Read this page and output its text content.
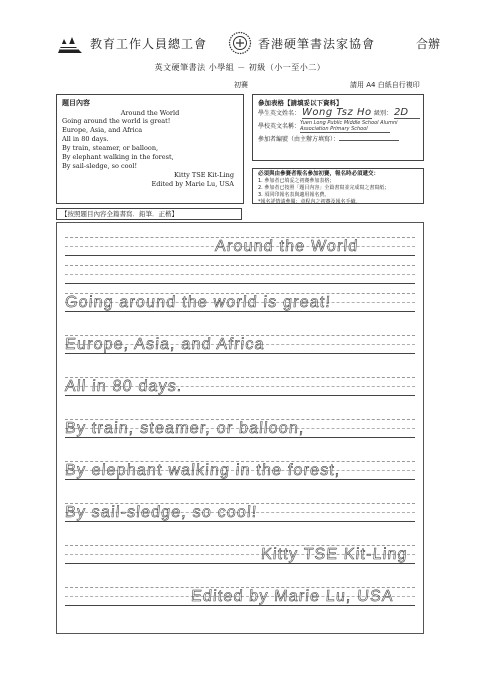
教育工作人員總工會	香港硬筆書法家協會	合辦
英文硬筆書法 小學組 － 初級（小一至小二）
初賽	請用 A4 白紙自行複印
題目內容
Around the World
Going around the world is great!
Europe, Asia, and Africa
All in 80 days.
By train, steamer, or balloon,
By elephant walking in the forest,
By sail-sledge, so cool!
Kitty TSE Kit-Ling
Edited by Marie Lu, USA
參加表格【請填妥以下資料】
學生英文姓名： Wong Tsz Ho 級別： 2D
學校英文名稱：Yuen Long Public Middle School Alumni
Association Primary School
參加者編號（由主辦方填寫）：
必須與由參賽者報名參加初賽，報名時必須遞交：
1. 參加者已填妥之初賽參加表格；
2. 參加者已按照「題目內容」全篇書寫並完成寫之書寫紙；
3. 須同印報名表與適用報名費。
*報名詳情請參閱：章程內之初賽及報名手續。
【按照題目內容全篇書寫．鉛筆．正楷】
Around the World
Going around the world is great!
Europe, Asia, and Africa
All in 80 days.
By train, steamer, or balloon,
By elephant walking in the forest,
By sail-sledge, so cool!
Kitty TSE Kit-Ling
Edited by Marie Lu, USA
